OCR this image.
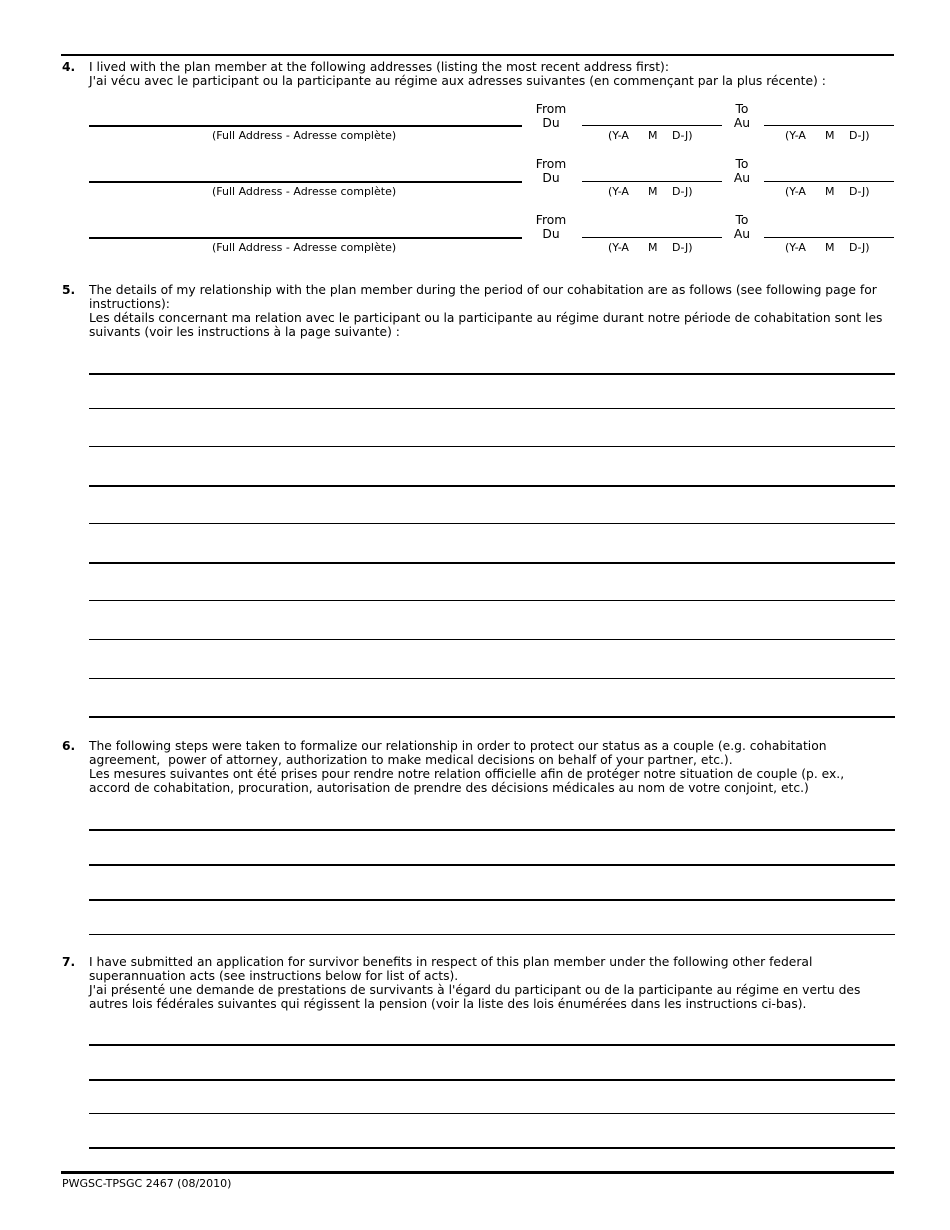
4. I lived with the plan member at the following addresses (listing the most recent address first):
J'ai vécu avec le participant ou la participante au régime aux adresses suivantes (en commençant par la plus récente) :
(Full Address - Adresse complète)
From
Du
(Y-A M D-J)
To
Au
(Y-A M D-J)
(Full Address - Adresse complète)
From
Du
(Y-A M D-J)
To
Au
(Y-A M D-J)
(Full Address - Adresse complète)
From
Du
(Y-A M D-J)
To
Au
(Y-A M D-J)
5. The details of my relationship with the plan member during the period of our cohabitation are as follows (see following page for
instructions):
Les détails concernant ma relation avec le participant ou la participante au régime durant notre période de cohabitation sont les
suivants (voir les instructions à la page suivante) :
6. The following steps were taken to formalize our relationship in order to protect our status as a couple (e.g. cohabitation
agreement,  power of attorney, authorization to make medical decisions on behalf of your partner, etc.).
Les mesures suivantes ont été prises pour rendre notre relation officielle afin de protéger notre situation de couple (p. ex.,
accord de cohabitation, procuration, autorisation de prendre des décisions médicales au nom de votre conjoint, etc.)
7. I have submitted an application for survivor benefits in respect of this plan member under the following other federal
superannuation acts (see instructions below for list of acts).
J'ai présenté une demande de prestations de survivants à l'égard du participant ou de la participante au régime en vertu des
autres lois fédérales suivantes qui régissent la pension (voir la liste des lois énumérées dans les instructions ci-bas).
PWGSC-TPSGC 2467 (08/2010)
